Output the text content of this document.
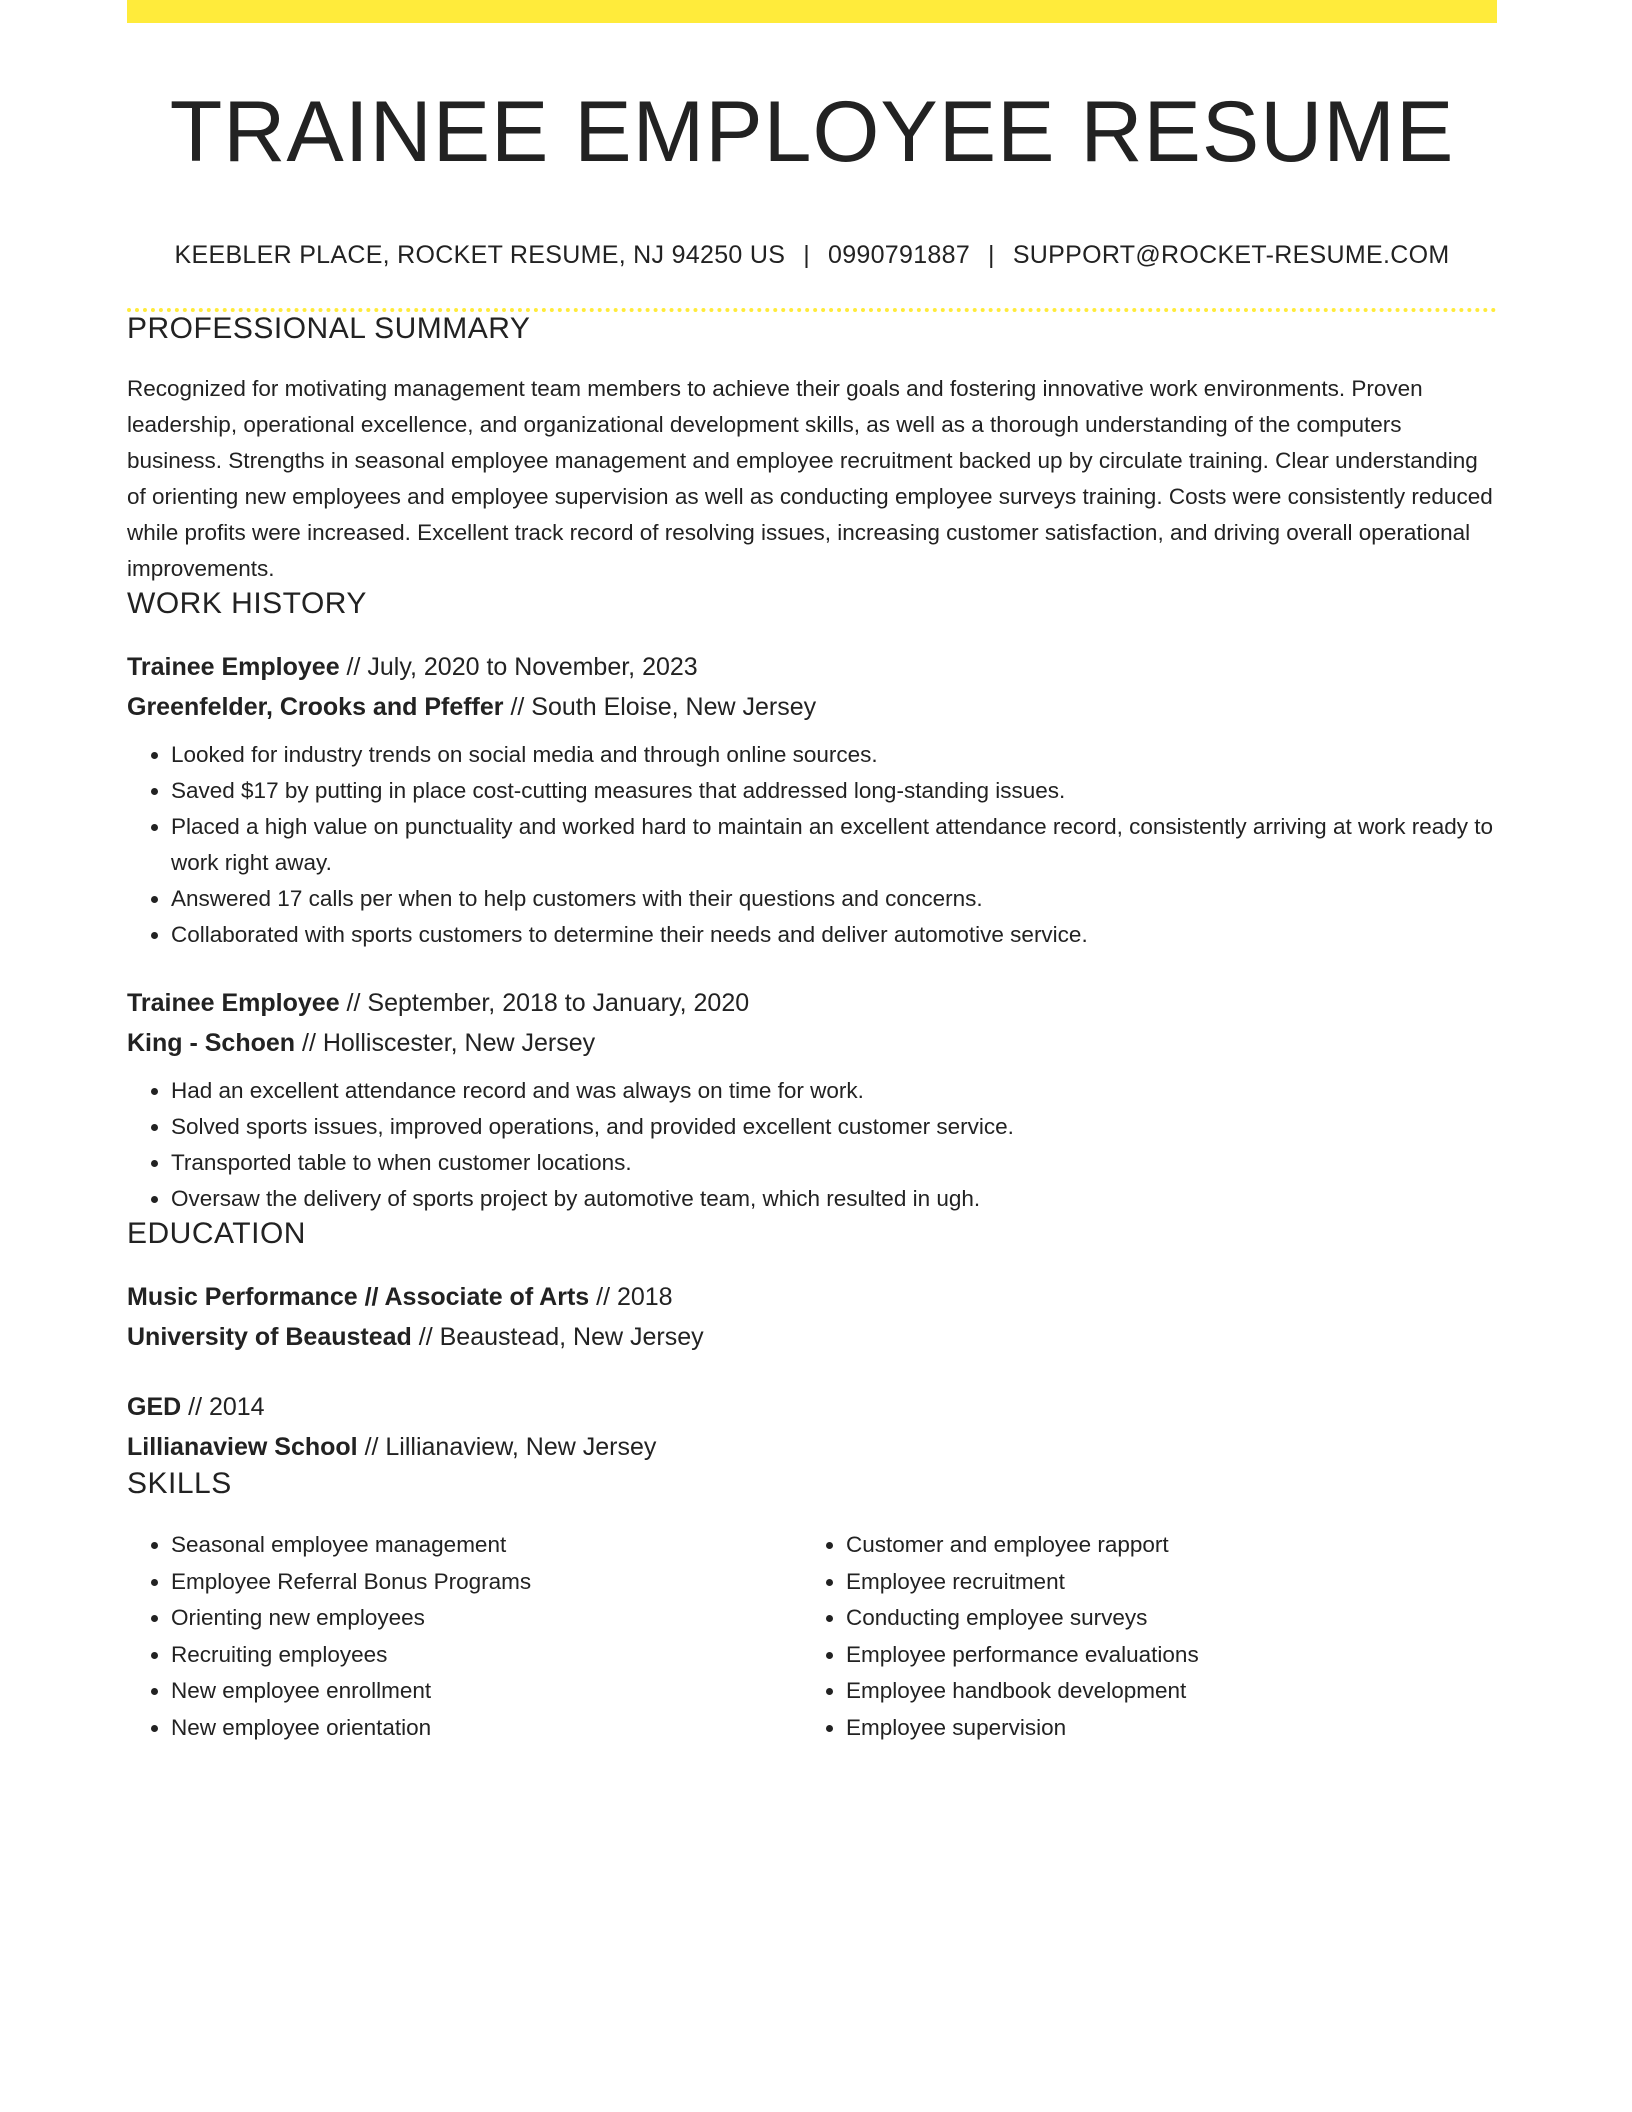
TRAINEE EMPLOYEE RESUME
KEEBLER PLACE, ROCKET RESUME, NJ 94250 US | 0990791887 | SUPPORT@ROCKET-RESUME.COM
PROFESSIONAL SUMMARY

Recognized for motivating management team members to achieve their goals and fostering innovative work environments. Proven leadership, operational excellence, and organizational development skills, as well as a thorough understanding of the computers business. Strengths in seasonal employee management and employee recruitment backed up by circulate training. Clear understanding of orienting new employees and employee supervision as well as conducting employee surveys training. Costs were consistently reduced while profits were increased. Excellent track record of resolving issues, increasing customer satisfaction, and driving overall operational improvements.

WORK HISTORY
Trainee Employee // July, 2020 to November, 2023
Greenfelder, Crooks and Pfeffer // South Eloise, New Jersey
• Looked for industry trends on social media and through online sources.
• Saved $17 by putting in place cost-cutting measures that addressed long-standing issues.
• Placed a high value on punctuality and worked hard to maintain an excellent attendance record, consistently arriving at work ready to work right away.
• Answered 17 calls per when to help customers with their questions and concerns.
• Collaborated with sports customers to determine their needs and deliver automotive service.
Trainee Employee // September, 2018 to January, 2020
King - Schoen // Holliscester, New Jersey
• Had an excellent attendance record and was always on time for work.
• Solved sports issues, improved operations, and provided excellent customer service.
• Transported table to when customer locations.
• Oversaw the delivery of sports project by automotive team, which resulted in ugh.
EDUCATION
Music Performance // Associate of Arts // 2018
University of Beaustead // Beaustead, New Jersey
GED // 2014
Lillianaview School // Lillianaview, New Jersey
SKILLS
• Seasonal employee management
• Employee Referral Bonus Programs
• Orienting new employees
• Recruiting employees
• New employee enrollment
• New employee orientation
• Customer and employee rapport
• Employee recruitment
• Conducting employee surveys
• Employee performance evaluations
• Employee handbook development
• Employee supervision
